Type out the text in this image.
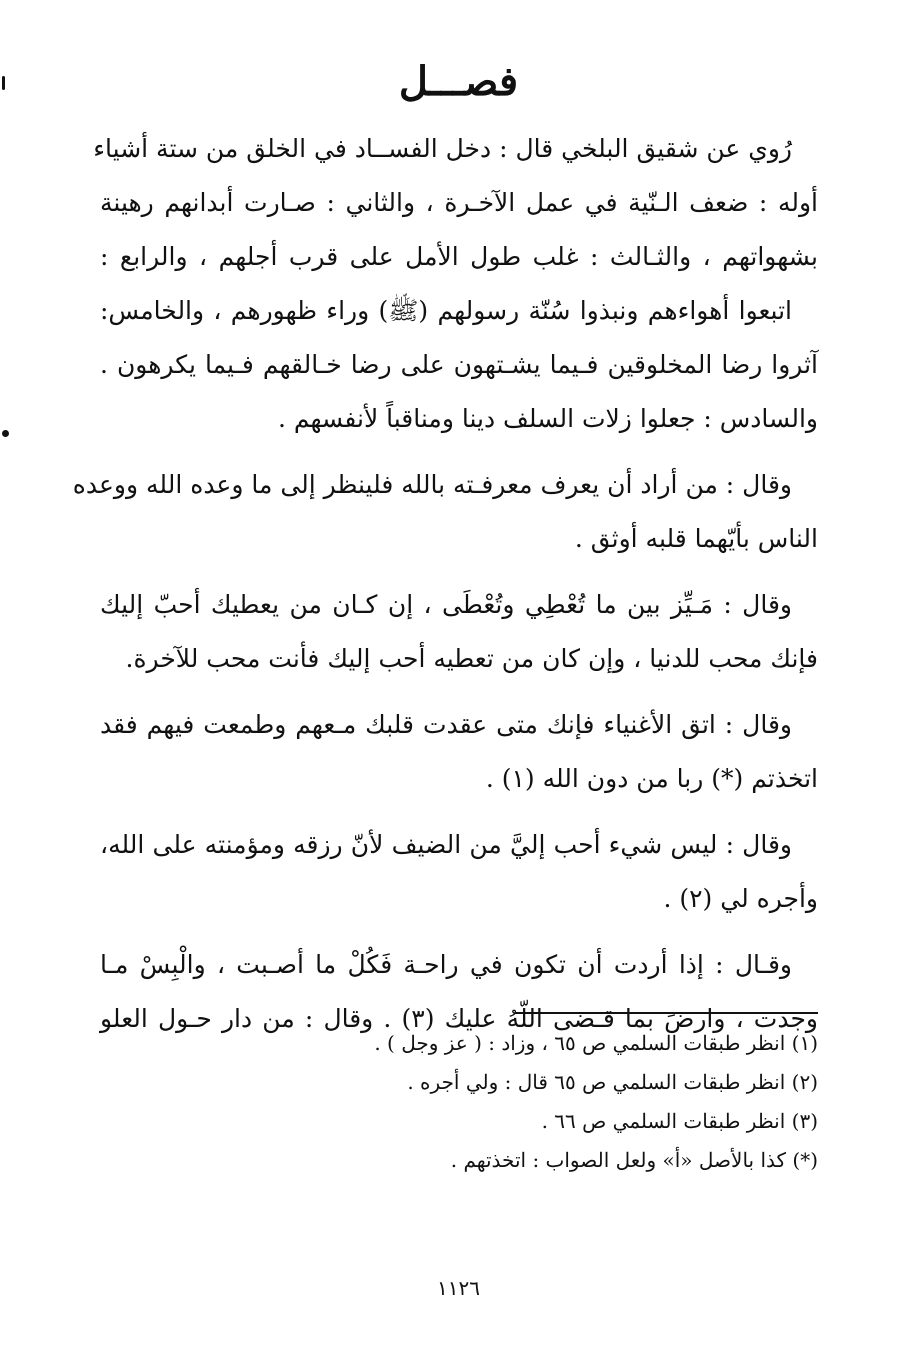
فصـــل
رُوي عن شقيق البلخي قال : دخل الفســاد في الخلق من ستة أشياء
أوله : ضعف الـنّية في عمل الآخـرة ، والثاني : صـارت أبدانهم رهينة
بشهواتهم ، والثـالث : غلب طول الأمل على قرب أجلهم ، والرابع :
اتبعوا أهواءهم ونبذوا سُنّة رسولهم (ﷺ) وراء ظهورهم ، والخامس:
آثروا رضا المخلوقين فـيما يشـتهون على رضا خـالقهم فـيما يكرهون .
والسادس : جعلوا زلات السلف دينا ومناقباً لأنفسهم .
وقال : من أراد أن يعرف معرفـته بالله فلينظر إلى ما وعده الله ووعده
الناس بأيّهما قلبه أوثق .
وقال : مَـيِّز بين ما تُعْطِي وتُعْطَى ، إن كـان من يعطيك أحبّ إليك
فإنك محب للدنيا ، وإن كان من تعطيه أحب إليك فأنت محب للآخرة.
وقال : اتق الأغنياء فإنك متى عقدت قلبك مـعهم وطمعت فيهم فقد
اتخذتم (*) ربا من دون الله (١) .
وقال : ليس شيء أحب إليَّ من الضيف لأنّ رزقه ومؤمنته على الله،
وأجره لي (٢) .
وقـال : إذا أردت أن تكون في راحـة فَكُلْ ما أصـبت ، والْبِسْ مـا
وجدت ، وارضَ بما قـضى اللّهُ عليك (٣) . وقال : من دار حـول العلو
(١) انظر طبقات السلمي ص ٦٥ ، وزاد : ( عز وجل ) .
(٢) انظر طبقات السلمي ص ٦٥ قال : ولي أجره .
(٣) انظر طبقات السلمي ص ٦٦ .
(*) كذا بالأصل «أ» ولعل الصواب : اتخذتهم .
١١٢٦
